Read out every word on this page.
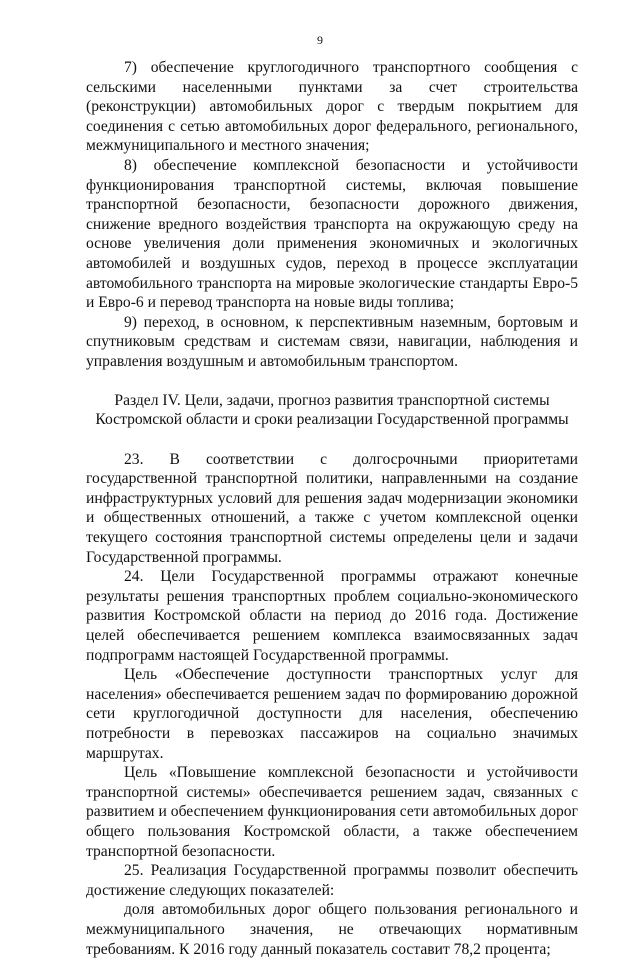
9

7) обеспечение круглогодичного транспортного сообщения с сельскими населенными пунктами за счет строительства (реконструкции) автомобильных дорог с твердым покрытием для соединения с сетью автомобильных дорог федерального, регионального, межмуниципального и местного значения;

8) обеспечение комплексной безопасности и устойчивости функционирования транспортной системы, включая повышение транспортной безопасности, безопасности дорожного движения, снижение вредного воздействия транспорта на окружающую среду на основе увеличения доли применения экономичных и экологичных автомобилей и воздушных судов, переход в процессе эксплуатации автомобильного транспорта на мировые экологические стандарты Евро-5 и Евро-6 и перевод транспорта на новые виды топлива;

9) переход, в основном, к перспективным наземным, бортовым и спутниковым средствам и системам связи, навигации, наблюдения и управления воздушным и автомобильным транспортом.

Раздел IV. Цели, задачи, прогноз развития транспортной системы
Костромской области и сроки реализации Государственной программы

23. В соответствии с долгосрочными приоритетами государственной транспортной политики, направленными на создание инфраструктурных условий для решения задач модернизации экономики и общественных отношений, а также с учетом комплексной оценки текущего состояния транспортной системы определены цели и задачи Государственной программы.

24. Цели Государственной программы отражают конечные результаты решения транспортных проблем социально-экономического развития Костромской области на период до 2016 года. Достижение целей обеспечивается решением комплекса взаимосвязанных задач подпрограмм настоящей Государственной программы.

Цель «Обеспечение доступности транспортных услуг для населения» обеспечивается решением задач по формированию дорожной сети круглогодичной доступности для населения, обеспечению потребности в перевозках пассажиров на социально значимых маршрутах.

Цель «Повышение комплексной безопасности и устойчивости транспортной системы» обеспечивается решением задач, связанных с развитием и обеспечением функционирования сети автомобильных дорог общего пользования Костромской области, а также обеспечением транспортной безопасности.

25. Реализация Государственной программы позволит обеспечить достижение следующих показателей:

доля автомобильных дорог общего пользования регионального и межмуниципального значения, не отвечающих нормативным требованиям. К 2016 году данный показатель составит 78,2 процента;
